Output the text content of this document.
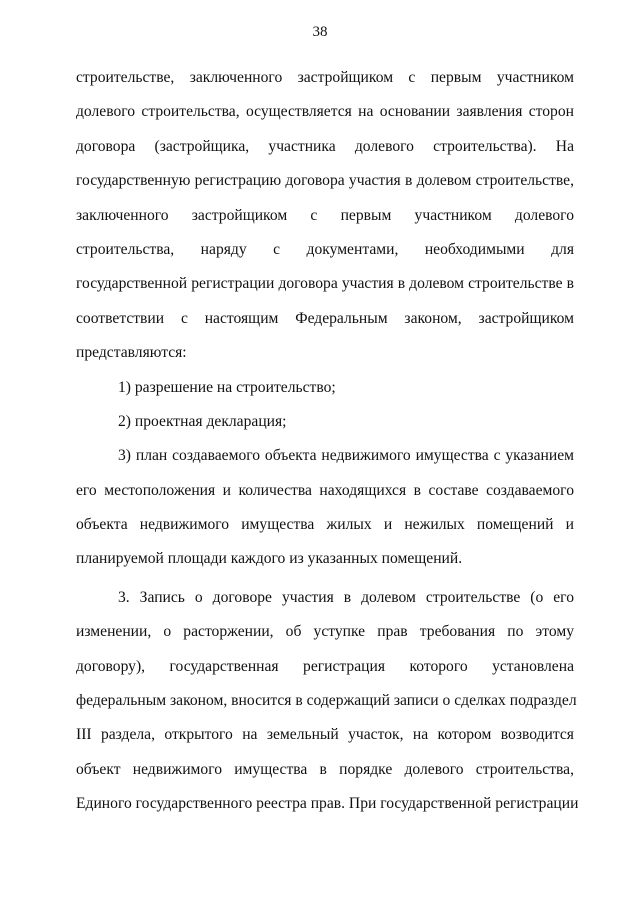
38
строительстве, заключенного застройщиком с первым участником
долевого строительства, осуществляется на основании заявления сторон
договора (застройщика, участника долевого строительства). На
государственную регистрацию договора участия в долевом строительстве,
заключенного застройщиком с первым участником долевого
строительства, наряду с документами, необходимыми для
государственной регистрации договора участия в долевом строительстве в
соответствии с настоящим Федеральным законом, застройщиком
представляются:
1) разрешение на строительство;
2) проектная декларация;
3) план создаваемого объекта недвижимого имущества с указанием
его местоположения и количества находящихся в составе создаваемого
объекта недвижимого имущества жилых и нежилых помещений и
планируемой площади каждого из указанных помещений.
3. Запись о договоре участия в долевом строительстве (о его
изменении, о расторжении, об уступке прав требования по этому
договору), государственная регистрация которого установлена
федеральным законом, вносится в содержащий записи о сделках подраздел
III раздела, открытого на земельный участок, на котором возводится
объект недвижимого имущества в порядке долевого строительства,
Единого государственного реестра прав. При государственной регистрации
